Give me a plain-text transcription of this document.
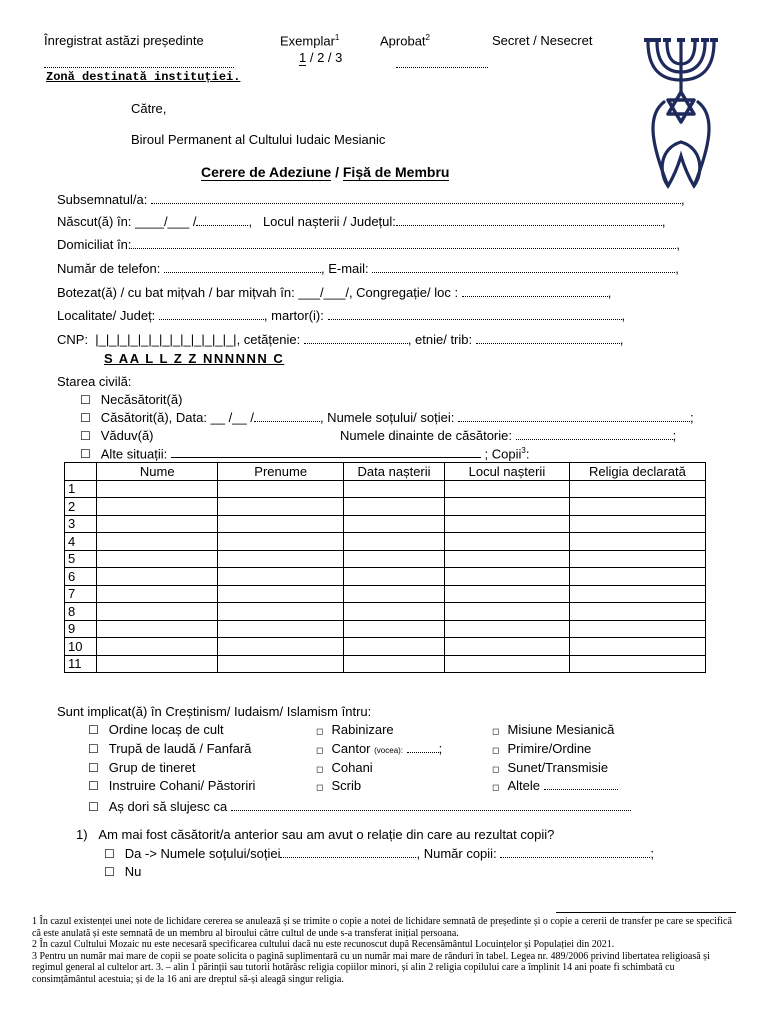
Înregistrat astăzi președinte	Exemplar$^1$
1 / 2 / 3
Aprobat$^2$	Secret / Nesecret
Zonă destinată instituției.
Către,
Biroul Permanent al Cultului Iudaic Mesianic
Cerere de Adeziune / Fișă de Membru
Subsemnatul/a:	,
Născut(ă) în: ____/___ /	,   Locul nașterii / Județul:	,
Domiciliat în:	,
Număr de telefon:	, E-mail:	,
Botezat(ă) / cu bat mițvah / bar mițvah în: ___/___/, Congregație/ loc :	,
Localitate/ Județ:	, martor(i):	,
CNP: |_|_|_|_|_|_|_|_|_|_|_|_|_|, cetățenie:	, etnie/ trib:	,
S AA L L Z Z NNNNNN C
Starea civilă:
☐ Necăsătorit(ă)
☐ Căsătorit(ă), Data: __ /__ /	, Numele soțului/ soției:	;
☐ Văduv(ă)	Numele dinainte de căsătorie:	;
☐ Alte situații:	; Copii$^3$:
	Nume	Prenume	Data nașterii	Locul nașterii	Religia declarată
1					
2					
3					
4					
5					
6					
7					
8					
9					
10					
11					
Sunt implicat(ă) în Creștinism/ Iudaism/ Islamism întru:
☐ Ordine locaș de cult
☐ Trupă de laudă / Fanfară
☐ Grup de tineret
☐ Instruire Cohani/ Păstoriri
◻ Rabinizare
◻ Cantor (vocea):	;
◻ Cohani
◻ Scrib
◻ Misiune Mesianică
◻ Primire/Ordine
◻ Sunet/Transmisie
◻ Altele
☐ Aș dori să slujesc ca
1) Am mai fost căsătorit/a anterior sau am avut o relație din care au rezultat copii?
☐ Da -> Numele soțului/soției	, Număr copii:	;
☐ Nu

1 În cazul existenței unei note de lichidare cererea se anulează și se trimite o copie a notei de lichidare semnată de președinte și o copie a cererii de transfer pe care se specifică că este anulată și este semnată de un membru al biroului către cultul de unde s-a transferat inițial persoana.

2 În cazul Cultului Mozaic nu este necesară specificarea cultului dacă nu este recunoscut după Recensământul Locuințelor și Populației din 2021.

3 Pentru un număr mai mare de copii se poate solicita o pagină suplimentară cu un număr mai mare de rânduri în tabel. Legea nr. 489/2006 privind libertatea religioasă și regimul general al cultelor art. 3. – alin 1 părinții sau tutorii hotărăsc religia copiilor minori, și alin 2 religia copilului care a împlinit 14 ani poate fi schimbată cu consimțământul acestuia; și de la 16 ani are dreptul să-și aleagă singur religia.
